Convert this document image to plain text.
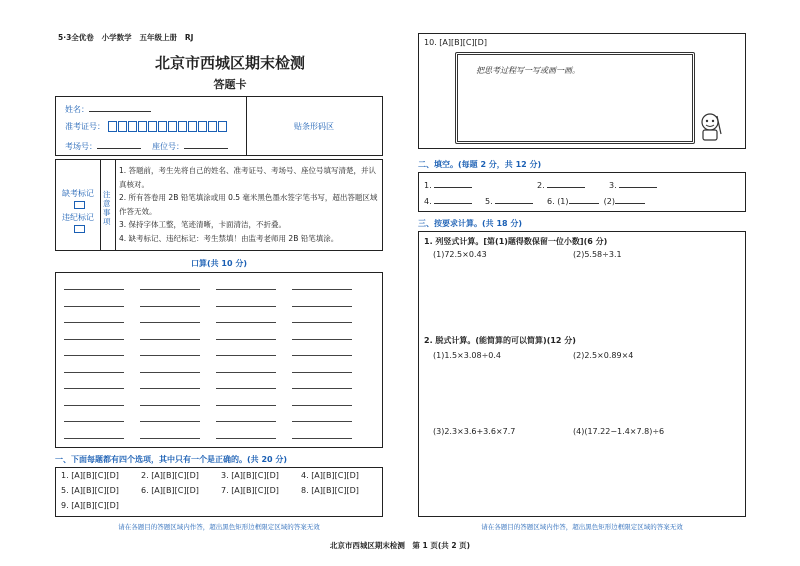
5·3全优卷 小学数学 五年级上册 RJ
北京市西城区期末检测
答题卡
姓名：
准考证号：
考场号：	座位号：
贴条形码区
缺考标记
违纪标记
注意事项
1. 答题前，考生先将自己的姓名、准考证号、考场号、座位号填写清楚，并认真核对。
2. 所有答卷用 2B 铅笔填涂或用 0.5 毫米黑色墨水签字笔书写，超出答题区域作答无效。
3. 保持字体工整，笔迹清晰，卡面清洁，不折叠。
4. 缺考标记、违纪标记：考生禁填！由监考老师用 2B 铅笔填涂。
口算(共 10 分)
一、下面每题都有四个选项，其中只有一个是正确的。(共 20 分)
1. [A][B][C][D]	2. [A][B][C][D]	3. [A][B][C][D]	4. [A][B][C][D]
5. [A][B][C][D]	6. [A][B][C][D]	7. [A][B][C][D]	8. [A][B][C][D]
9. [A][B][C][D]
10. [A][B][C][D]
把思考过程写一写或画一画。
二、填空。(每题 2 分，共 12 分)
1.	2.	3.
4.	5.	6. (1)	(2)
三、按要求计算。(共 18 分)
1. 列竖式计算。[第(1)题得数保留一位小数](6 分)
(1)72.5×0.43	(2)5.58÷3.1
2. 脱式计算。(能简算的可以简算)(12 分)
(1)1.5×3.08÷0.4	(2)2.5×0.89×4
(3)2.3×3.6+3.6×7.7	(4)(17.22−1.4×7.8)÷6
请在各题目的答题区域内作答，超出黑色矩形边框限定区域的答案无效	请在各题目的答题区域内作答，超出黑色矩形边框限定区域的答案无效
北京市西城区期末检测　第 1 页(共 2 页)
